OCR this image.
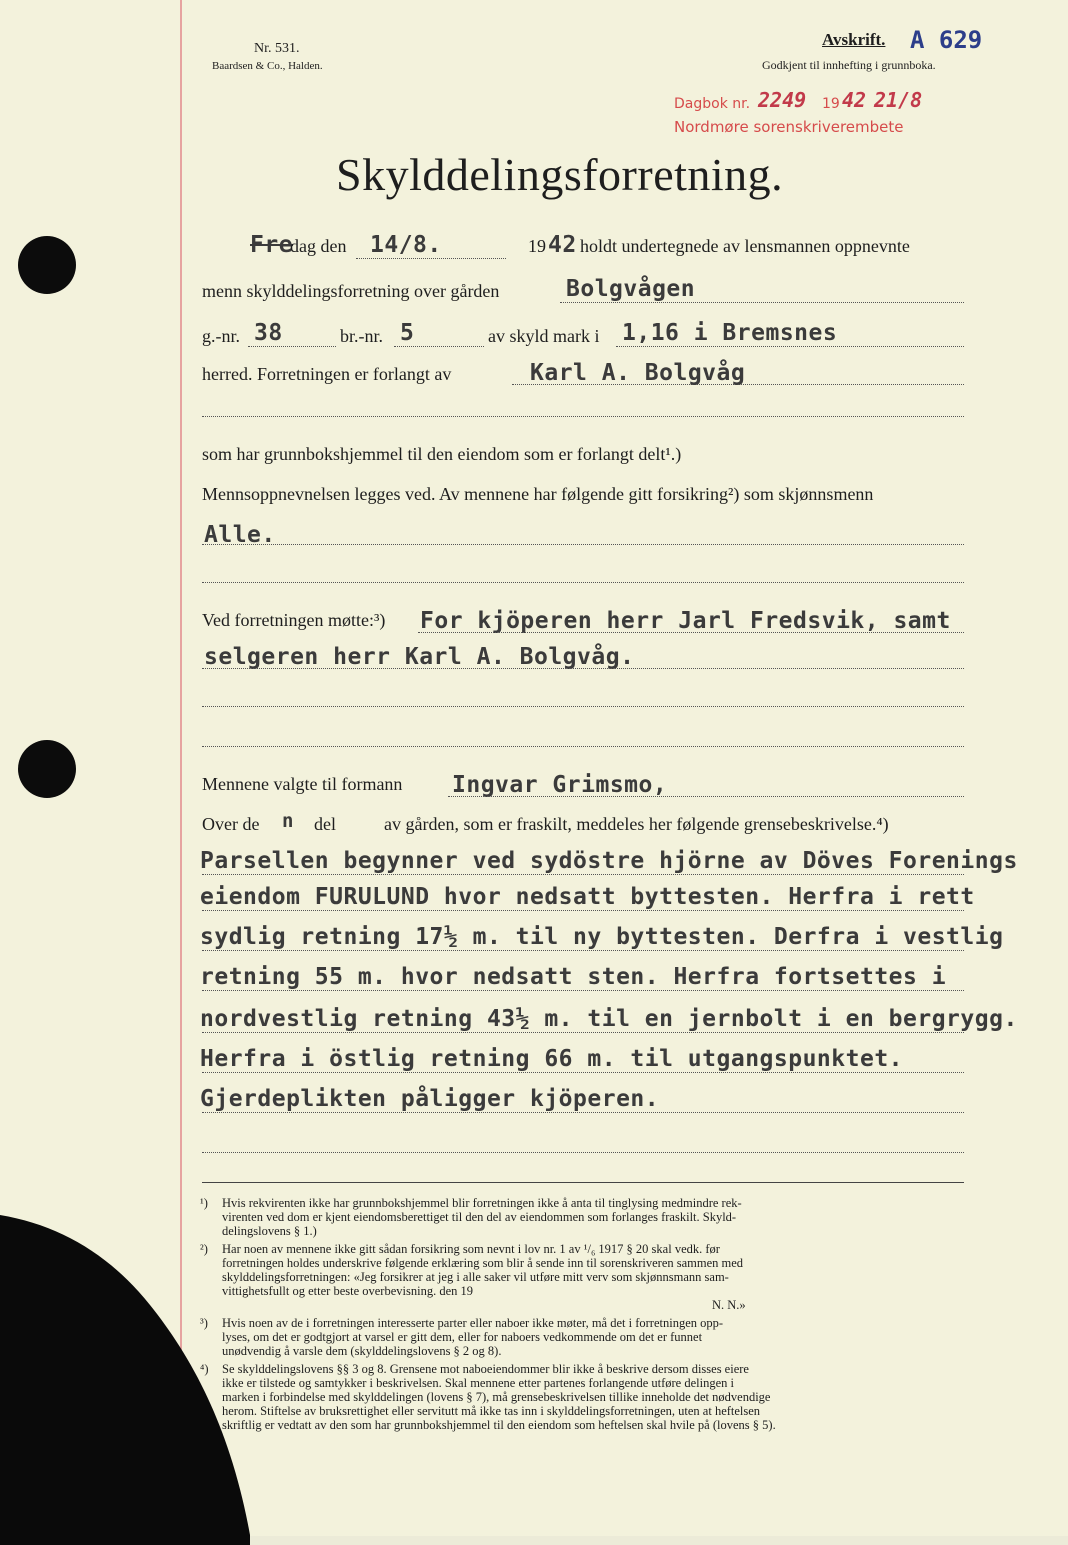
Nr. 531.
Baardsen & Co., Halden.
Avskrift. A 629
Godkjent til innhefting i grunnboka.
Dagbok nr. 2249 19 42 21/8
Nordmøre sorenskriverembete
Skylddelingsforretning.
Fre
dag den 14/8.	19 42 holdt undertegnede av lensmannen oppnevnte
menn skylddelingsforretning over gården	Bolgvågen
g.-nr. 38	br.-nr. 5	av skyld mark i 1,16 i Bremsnes
herred. Forretningen er forlangt av	Karl A. Bolgvåg
som har grunnbokshjemmel til den eiendom som er forlangt delt¹.)
Mennsoppnevnelsen legges ved. Av mennene har følgende gitt forsikring²) som skjønnsmenn
Alle.
Ved forretningen møtte:³) For kjöperen herr Jarl Fredsvik, samt
selgeren herr Karl A. Bolgvåg.
Mennene valgte til formann Ingvar Grimsmo,
Over de n del	av gården, som er fraskilt, meddeles her følgende grensebeskrivelse.⁴)
Parsellen begynner ved sydöstre hjörne av Döves Forenings
eiendom FURULUND hvor nedsatt byttesten. Herfra i rett
sydlig retning 17½ m. til ny byttesten. Derfra i vestlig
retning 55 m. hvor nedsatt sten. Herfra fortsettes i
nordvestlig retning 43½ m. til en jernbolt i en bergrygg.
Herfra i östlig retning 66 m. til utgangspunktet.
Gjerdeplikten påligger kjöperen.
¹) Hvis rekvirenten ikke har grunnbokshjemmel blir forretningen ikke å anta til tinglysing medmindre rek-
virenten ved dom er kjent eiendomsberettiget til den del av eiendommen som forlanges fraskilt. Skyld-
delingslovens § 1.)
²) Har noen av mennene ikke gitt sådan forsikring som nevnt i lov nr. 1 av ¹/₆ 1917 § 20 skal vedk. før
forretningen holdes underskrive følgende erklæring som blir å sende inn til sorenskriveren sammen med
skylddelingsforretningen: «Jeg forsikrer at jeg i alle saker vil utføre mitt verv som skjønnsmann sam-
vittighetsfullt og etter beste overbevisning. den 19
N. N.»
³) Hvis noen av de i forretningen interesserte parter eller naboer ikke møter, må det i forretningen opp-
lyses, om det er godtgjort at varsel er gitt dem, eller for naboers vedkommende om det er funnet
unødvendig å varsle dem (skylddelingslovens § 2 og 8).
⁴) Se skylddelingslovens §§ 3 og 8. Grensene mot naboeiendommer blir ikke å beskrive dersom disses eiere
ikke er tilstede og samtykker i beskrivelsen. Skal mennene etter partenes forlangende utføre delingen i
marken i forbindelse med skylddelingen (lovens § 7), må grensebeskrivelsen tillike inneholde det nødvendige
herom. Stiftelse av bruksrettighet eller servitutt må ikke tas inn i skylddelingsforretningen, uten at heftelsen
skriftlig er vedtatt av den som har grunnbokshjemmel til den eiendom som heftelsen skal hvile på (lovens § 5).
